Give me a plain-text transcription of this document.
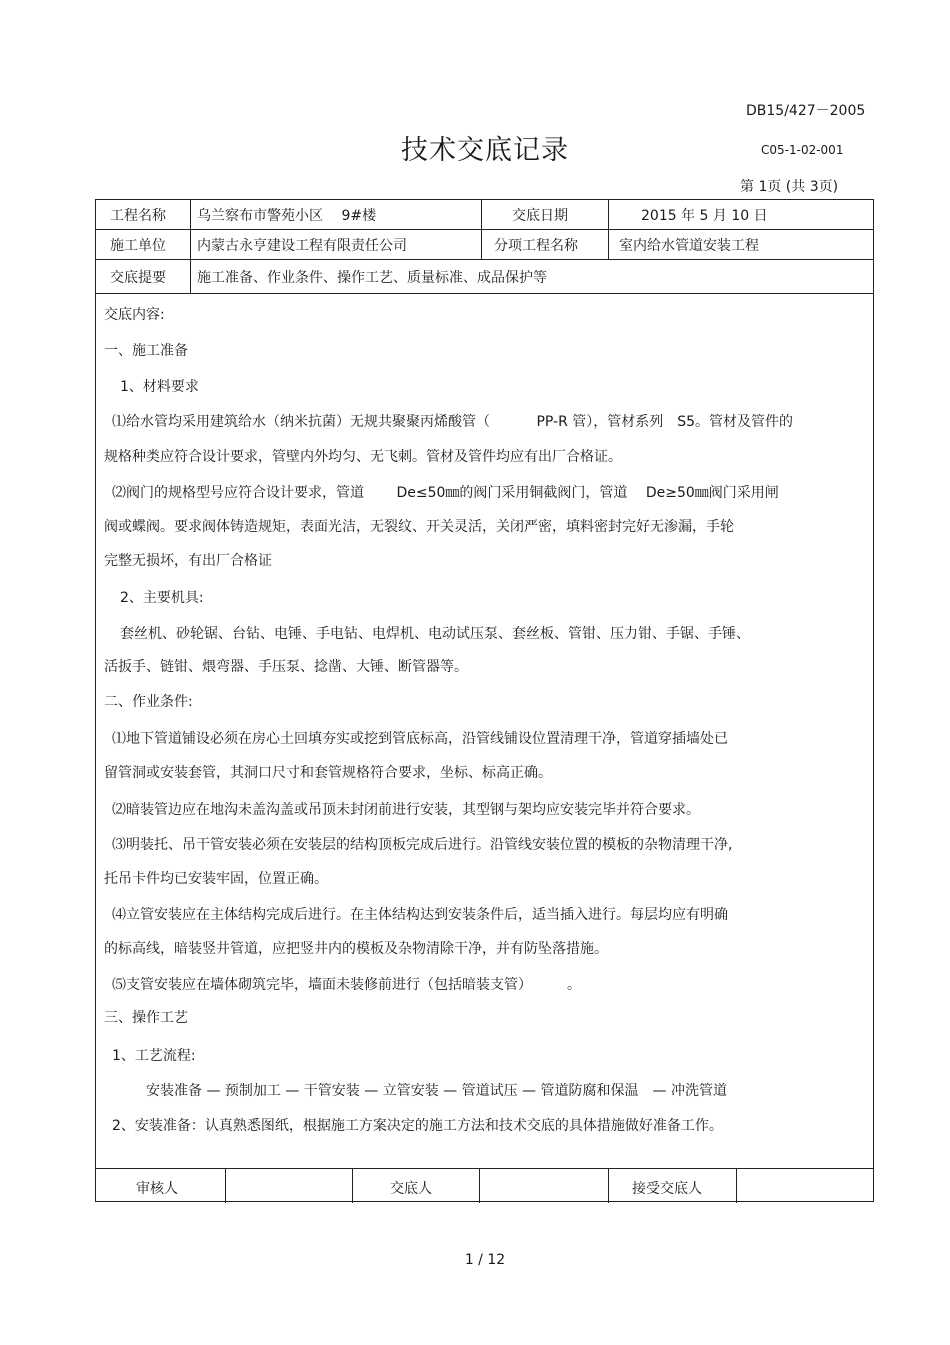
DB15/427－2005
技术交底记录	C05-1-02-001
第 1页 (共 3页)
工程名称 乌兰察布市警苑小区　 9#楼	交底日期	2015 年 5 月 10 日
施工单位 内蒙古永亨建设工程有限责任公司	分项工程名称	室内给水管道安装工程
交底提要 施工准备、作业条件、操作工艺、质量标准、成品保护等
交底内容:
一、施工准备
1、材料要求
⑴给水管均采用建筑给水（纳米抗菌）无规共聚聚丙烯酸管（　　　 PP-R 管），管材系列　S5。管材及管件的
规格种类应符合设计要求，管壁内外均匀、无飞刺。管材及管件均应有出厂合格证。
⑵阀门的规格型号应符合设计要求，管道　　 De≤50㎜的阀门采用铜截阀门，管道　 De≥50㎜阀门采用闸
阀或蝶阀。要求阀体铸造规矩，表面光洁，无裂纹、开关灵活，关闭严密，填料密封完好无渗漏，手轮
完整无损坏，有出厂合格证
2、主要机具:
套丝机、砂轮锯、台钻、电锤、手电钻、电焊机、电动试压泵、套丝板、管钳、压力钳、手锯、手锤、
活扳手、链钳、煨弯器、手压泵、捻凿、大锤、断管器等。
二、作业条件:
⑴地下管道铺设必须在房心土回填夯实或挖到管底标高，沿管线铺设位置清理干净，管道穿插墙处已
留管洞或安装套管，其洞口尺寸和套管规格符合要求，坐标、标高正确。
⑵暗装管边应在地沟未盖沟盖或吊顶未封闭前进行安装，其型钢与架均应安装完毕并符合要求。
⑶明装托、吊干管安装必须在安装层的结构顶板完成后进行。沿管线安装位置的模板的杂物清理干净,
托吊卡件均已安装牢固，位置正确。
⑷立管安装应在主体结构完成后进行。在主体结构达到安装条件后，适当插入进行。每层均应有明确
的标高线，暗装竖井管道，应把竖井内的模板及杂物清除干净，并有防坠落措施。
⑸支管安装应在墙体砌筑完毕，墙面未装修前进行（包括暗装支管）　　　。
三、操作工艺
1、工艺流程:
安装准备 — 预制加工 — 干管安装 — 立管安装 — 管道试压 — 管道防腐和保温　— 冲洗管道
2、安装准备：认真熟悉图纸，根据施工方案决定的施工方法和技术交底的具体措施做好准备工作。
审核人	交底人	接受交底人
1 / 12
